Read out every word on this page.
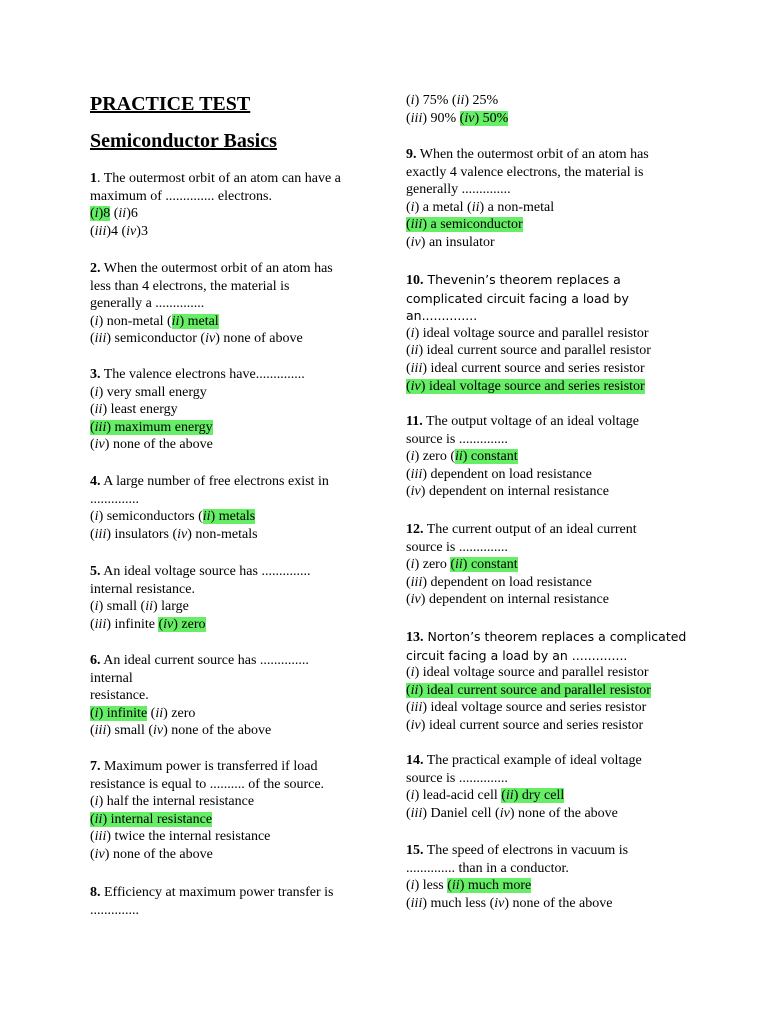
PRACTICE TEST
Semiconductor Basics
1. The outermost orbit of an atom can have a
maximum of .............. electrons.
(i)8 (ii)6
(iii)4 (iv)3
2. When the outermost orbit of an atom has
less than 4 electrons, the material is
generally a ..............
(i) non-metal (ii) metal
(iii) semiconductor (iv) none of above
3. The valence electrons have..............
(i) very small energy
(ii) least energy
(iii) maximum energy
(iv) none of the above
4. A large number of free electrons exist in
..............
(i) semiconductors (ii) metals
(iii) insulators (iv) non-metals
5. An ideal voltage source has ..............
internal resistance.
(i) small (ii) large
(iii) infinite (iv) zero
6. An ideal current source has ..............
internal
resistance.
(i) infinite (ii) zero
(iii) small (iv) none of the above
7. Maximum power is transferred if load
resistance is equal to .......... of the source.
(i) half the internal resistance
(ii) internal resistance
(iii) twice the internal resistance
(iv) none of the above
8. Efficiency at maximum power transfer is
..............
(i) 75% (ii) 25%
(iii) 90% (iv) 50%
9. When the outermost orbit of an atom has
exactly 4 valence electrons, the material is
generally ..............
(i) a metal (ii) a non-metal
(iii) a semiconductor
(iv) an insulator
10. Thevenin’s theorem replaces a
complicated circuit facing a load by
an..............
(i) ideal voltage source and parallel resistor
(ii) ideal current source and parallel resistor
(iii) ideal current source and series resistor
(iv) ideal voltage source and series resistor
11. The output voltage of an ideal voltage
source is ..............
(i) zero (ii) constant
(iii) dependent on load resistance
(iv) dependent on internal resistance
12. The current output of an ideal current
source is ..............
(i) zero (ii) constant
(iii) dependent on load resistance
(iv) dependent on internal resistance
13. Norton’s theorem replaces a complicated
circuit facing a load by an ..............
(i) ideal voltage source and parallel resistor
(ii) ideal current source and parallel resistor
(iii) ideal voltage source and series resistor
(iv) ideal current source and series resistor
14. The practical example of ideal voltage
source is ..............
(i) lead-acid cell (ii) dry cell
(iii) Daniel cell (iv) none of the above
15. The speed of electrons in vacuum is
.............. than in a conductor.
(i) less (ii) much more
(iii) much less (iv) none of the above
